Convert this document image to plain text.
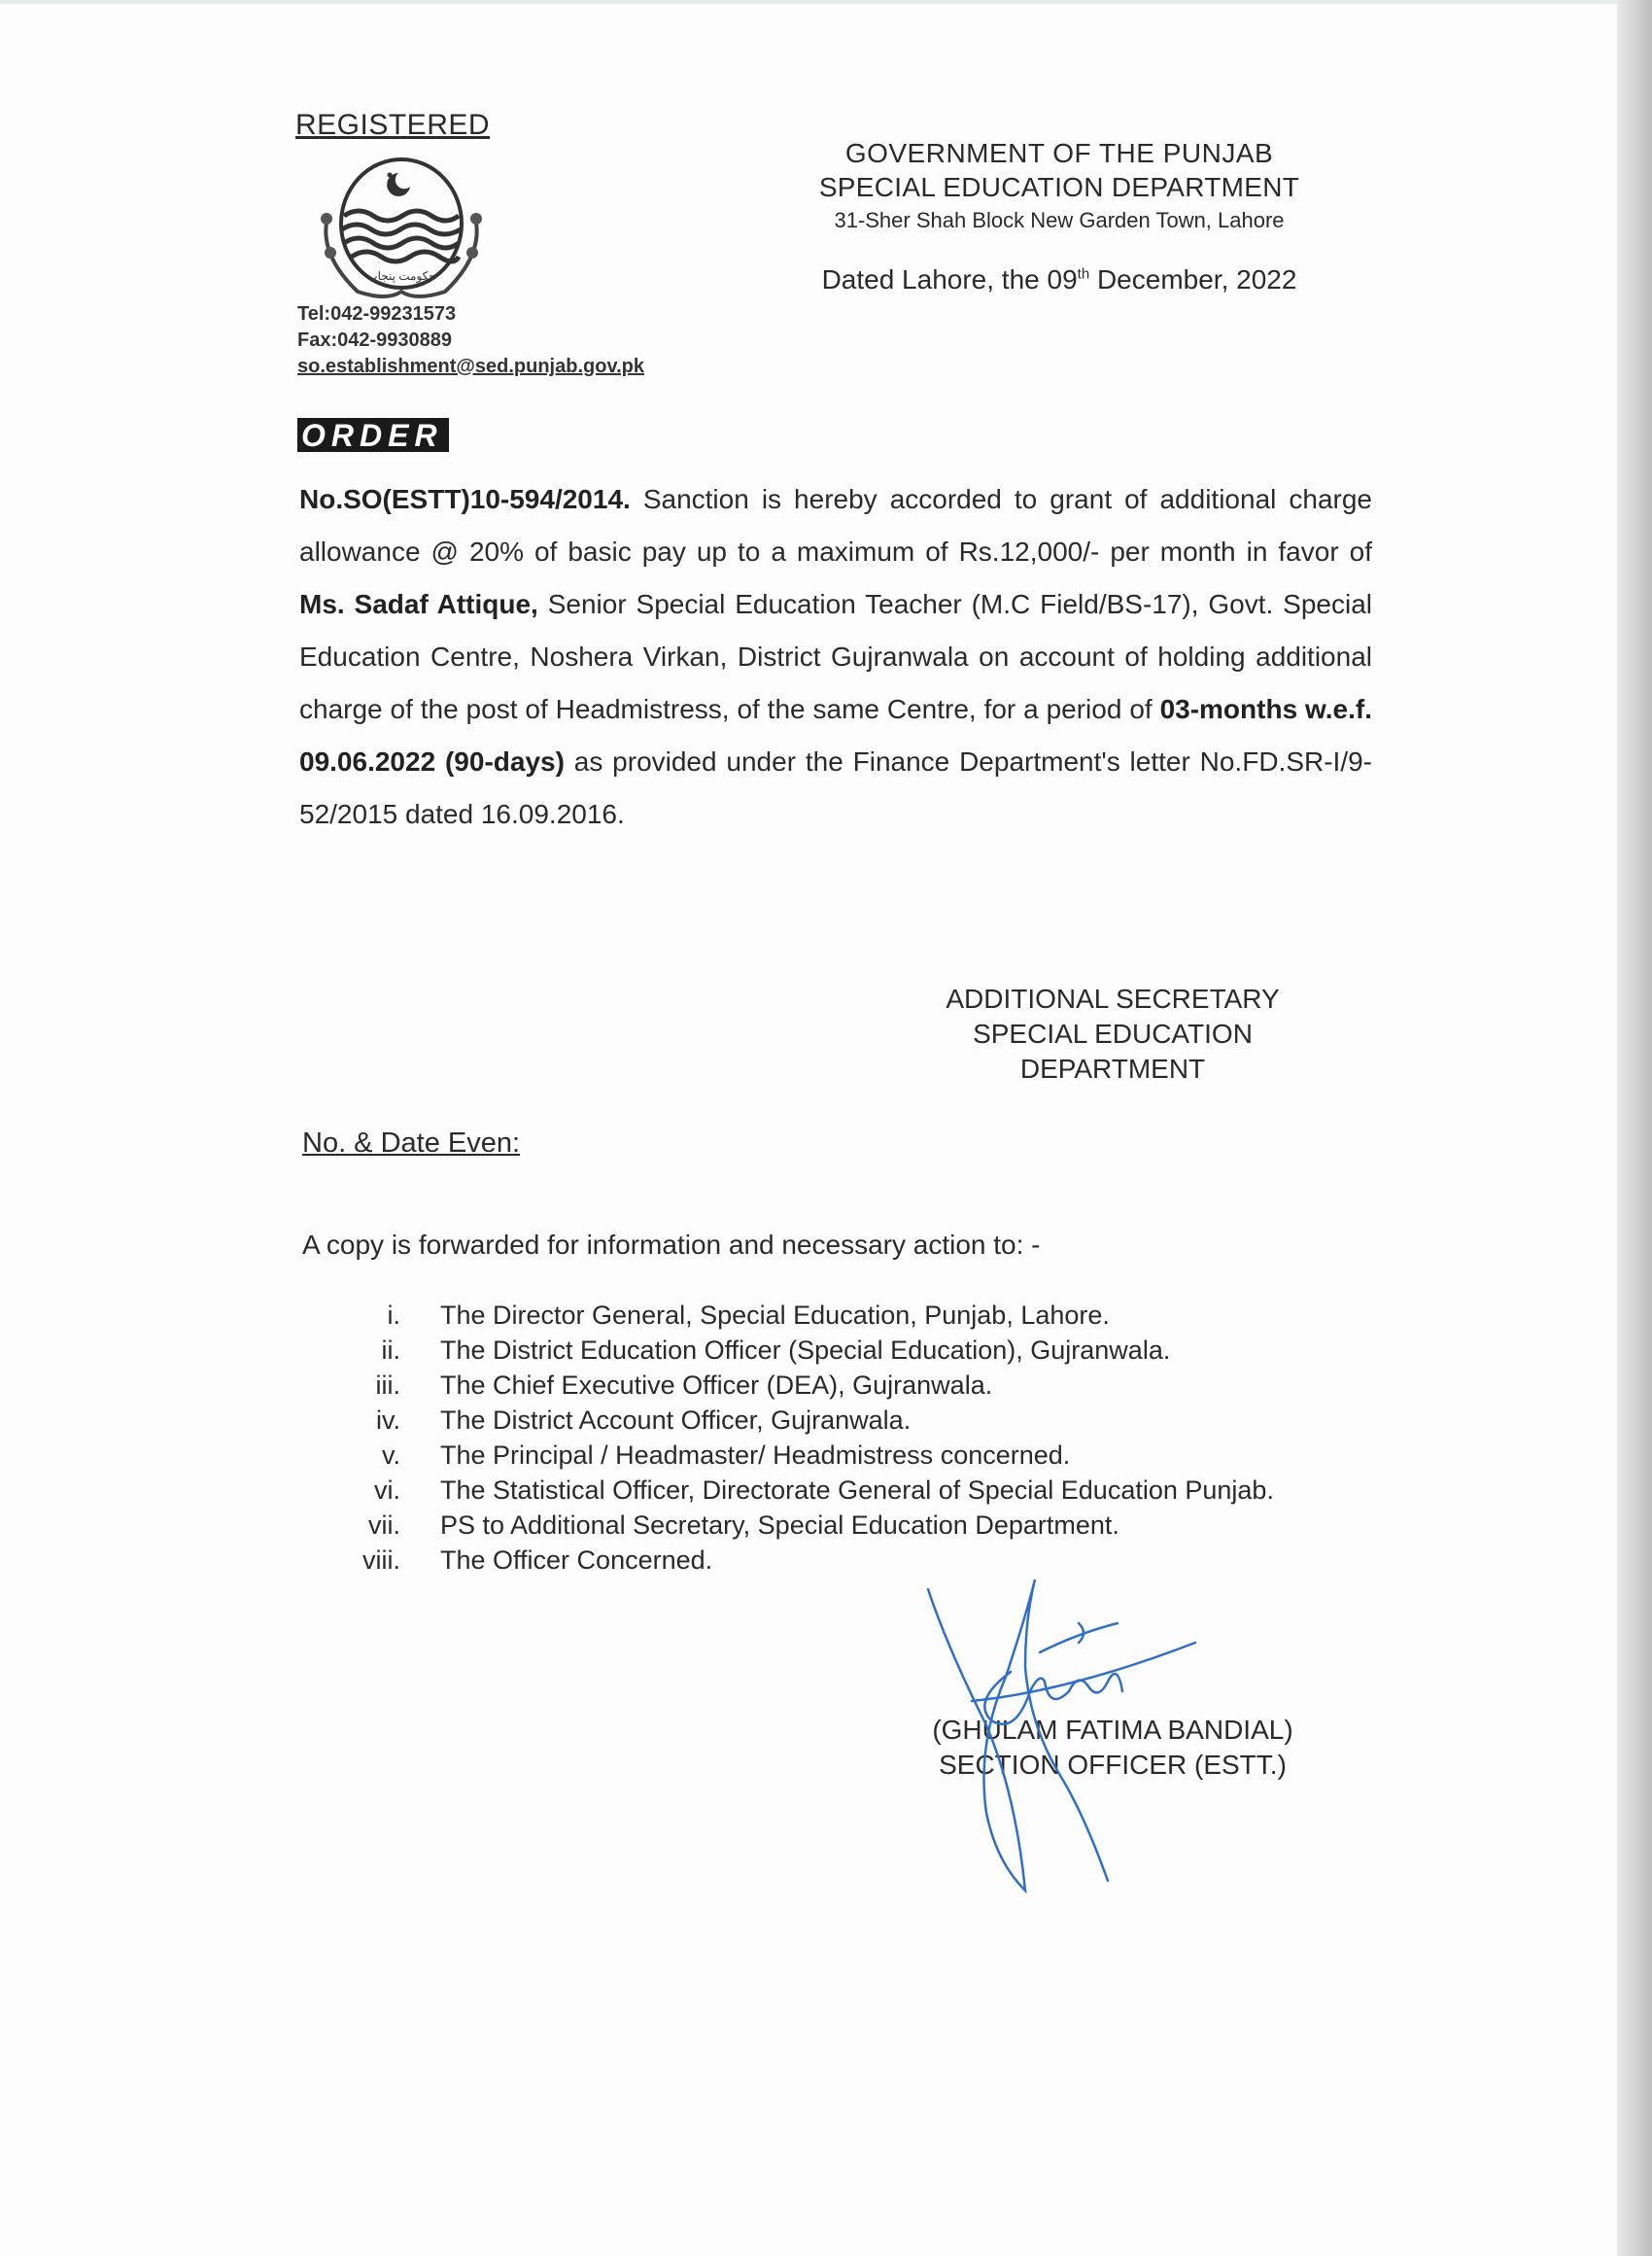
REGISTERED
حکومت پنجاب
Tel:042-99231573
Fax:042-9930889
so.establishment@sed.punjab.gov.pk
GOVERNMENT OF THE PUNJAB
SPECIAL EDUCATION DEPARTMENT
31-Sher Shah Block New Garden Town, Lahore
Dated Lahore, the 09th December, 2022
ORDER

No.SO(ESTT)10-594/2014. Sanction is hereby accorded to grant of additional charge allowance @ 20% of basic pay up to a maximum of Rs.12,000/- per month in favor of Ms. Sadaf Attique, Senior Special Education Teacher (M.C Field/BS-17), Govt. Special Education Centre, Noshera Virkan, District Gujranwala on account of holding additional charge of the post of Headmistress, of the same Centre, for a period of 03-months w.e.f. 09.06.2022 (90-days) as provided under the Finance Department's letter No.FD.SR-I/9-52/2015 dated 16.09.2016.

ADDITIONAL SECRETARY
SPECIAL EDUCATION
DEPARTMENT
No. & Date Even:
A copy is forwarded for information and necessary action to: -
i.	The Director General, Special Education, Punjab, Lahore.
ii.	The District Education Officer (Special Education), Gujranwala.
iii.	The Chief Executive Officer (DEA), Gujranwala.
iv.	The District Account Officer, Gujranwala.
v.	The Principal / Headmaster/ Headmistress concerned.
vi.	The Statistical Officer, Directorate General of Special Education Punjab.
vii.	PS to Additional Secretary, Special Education Department.
viii.	The Officer Concerned.
(GHULAM FATIMA BANDIAL)
SECTION OFFICER (ESTT.)
